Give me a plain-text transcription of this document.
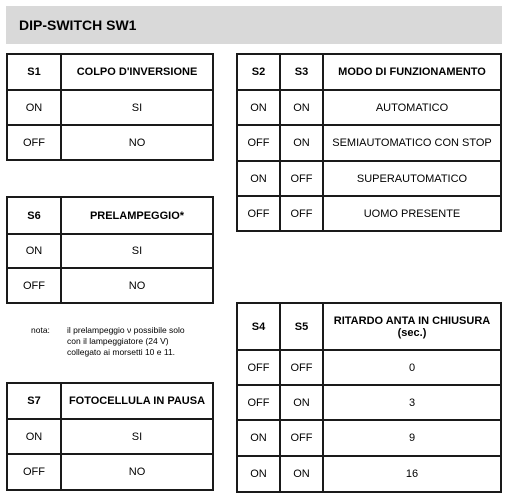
DIP-SWITCH SW1
S1	COLPO D'INVERSIONE
ON	SI
OFF	NO
S6	PRELAMPEGGIO*
ON	SI
OFF	NO
nota: il prelampeggio ν possibile solo
con il lampeggiatore (24 V)
collegato ai morsetti 10 e 11.
S7	FOTOCELLULA IN PAUSA
ON	SI
OFF	NO
S2	S3	MODO DI FUNZIONAMENTO
ON	ON	AUTOMATICO
OFF	ON	SEMIAUTOMATICO CON STOP
ON	OFF	SUPERAUTOMATICO
OFF	OFF	UOMO PRESENTE
S4	S5	RITARDO ANTA IN CHIUSURA
(sec.)

OFF	OFF	0
OFF	ON	3
ON	OFF	9
ON	ON	16
